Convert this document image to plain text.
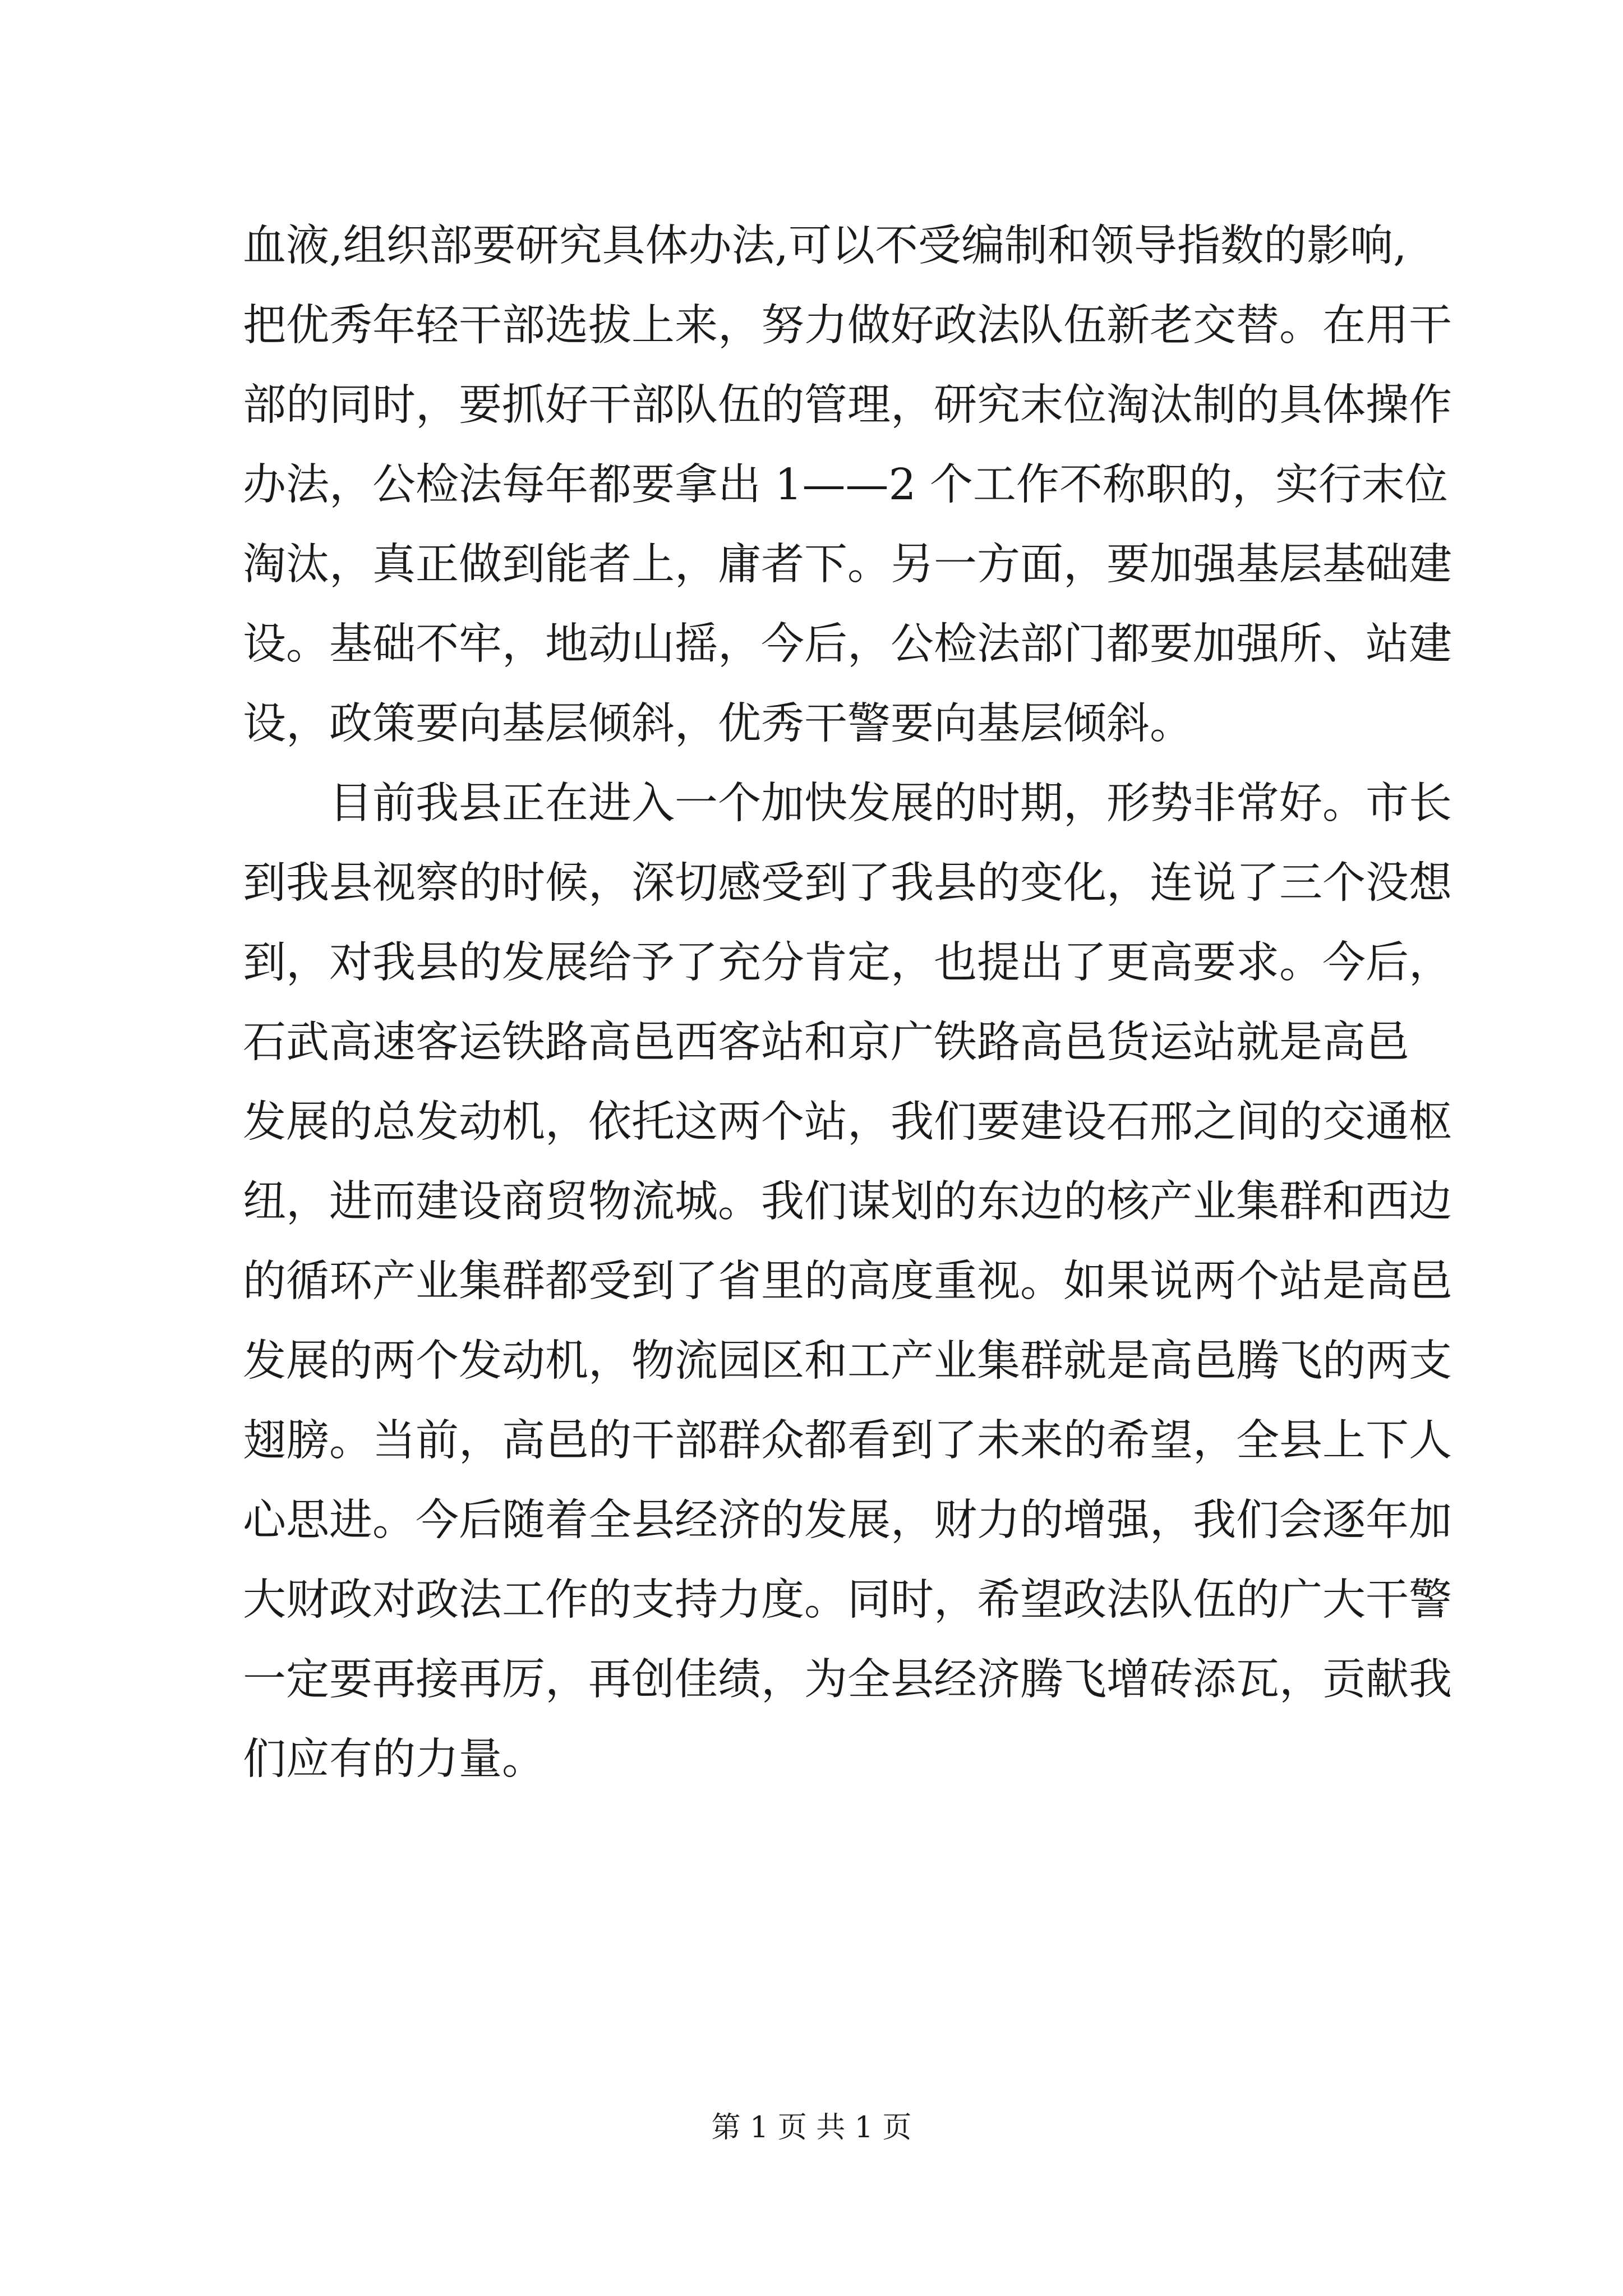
血液,组织部要研究具体办法,可以不受编制和领导指数的影响,
把优秀年轻干部选拔上来，努力做好政法队伍新老交替。在用干
部的同时，要抓好干部队伍的管理，研究末位淘汰制的具体操作
办法，公检法每年都要拿出 1——2 个工作不称职的，实行末位
淘汰，真正做到能者上，庸者下。另一方面，要加强基层基础建
设。基础不牢，地动山摇，今后，公检法部门都要加强所、站建
设，政策要向基层倾斜，优秀干警要向基层倾斜。
　　目前我县正在进入一个加快发展的时期，形势非常好。市长
到我县视察的时候，深切感受到了我县的变化，连说了三个没想
到，对我县的发展给予了充分肯定，也提出了更高要求。今后，
石武高速客运铁路高邑西客站和京广铁路高邑货运站就是高邑
发展的总发动机，依托这两个站，我们要建设石邢之间的交通枢
纽，进而建设商贸物流城。我们谋划的东边的核产业集群和西边
的循环产业集群都受到了省里的高度重视。如果说两个站是高邑
发展的两个发动机，物流园区和工产业集群就是高邑腾飞的两支
翅膀。当前，高邑的干部群众都看到了未来的希望，全县上下人
心思进。今后随着全县经济的发展，财力的增强，我们会逐年加
大财政对政法工作的支持力度。同时，希望政法队伍的广大干警
一定要再接再厉，再创佳绩，为全县经济腾飞增砖添瓦，贡献我
们应有的力量。
第 1 页 共 1 页
